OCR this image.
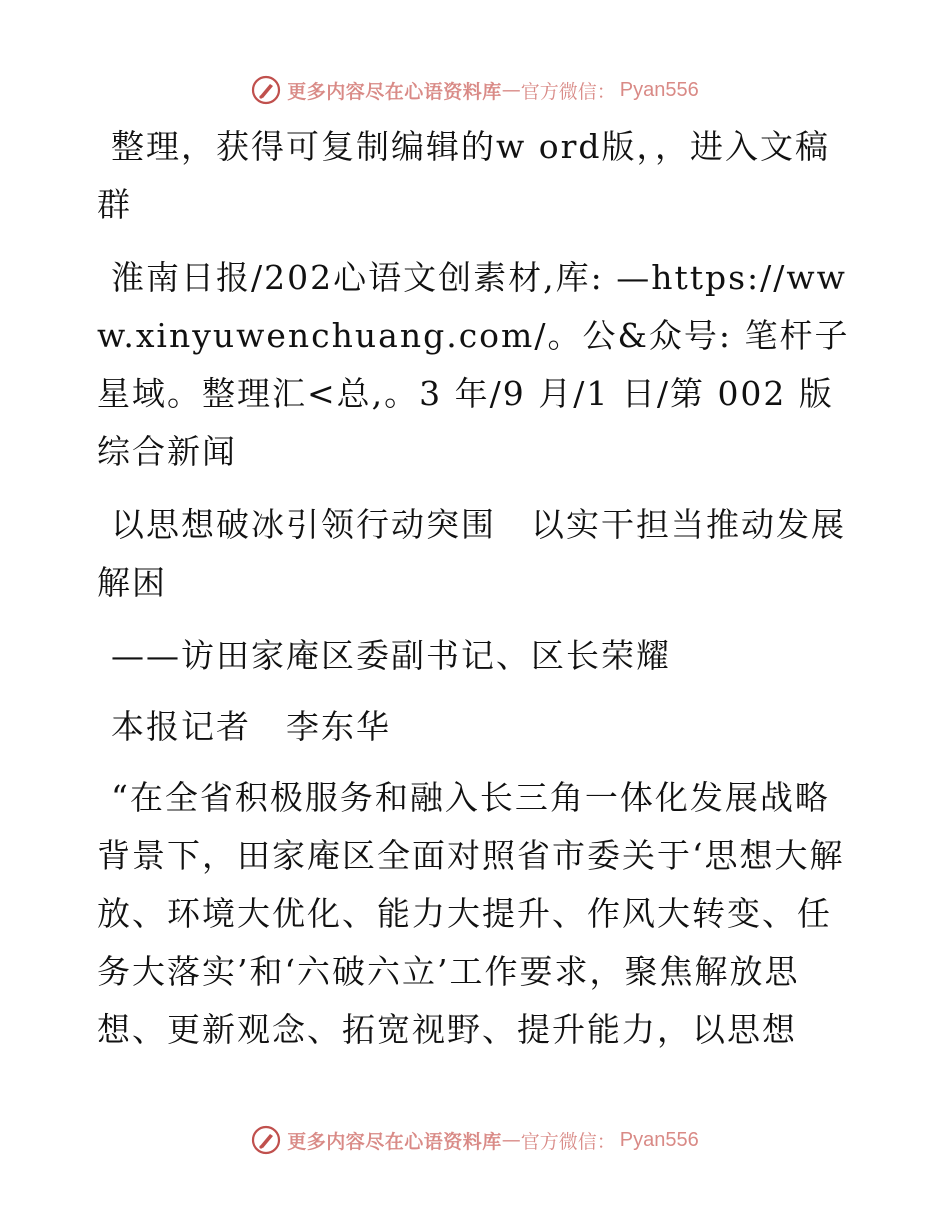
更多内容尽在心语资料库 — 官方微信： Pyan556

整理，获得可复制编辑的w ord版，，进入文稿群

淮南日报/202心语文创素材,库: —https://www.xinyuwenchuang.com/。公&众号: 笔杆子星域。整理汇<总,。3 年/9 月/1 日/第 002 版综合新闻

以思想破冰引领行动突围　以实干担当推动发展解困

——访田家庵区委副书记、区长荣耀

本报记者　李东华

“在全省积极服务和融入长三角一体化发展战略背景下，田家庵区全面对照省市委关于‘思想大解放、环境大优化、能力大提升、作风大转变、任务大落实’和‘六破六立’工作要求，聚焦解放思想、更新观念、拓宽视野、提升能力，以思想

更多内容尽在心语资料库 — 官方微信： Pyan556
